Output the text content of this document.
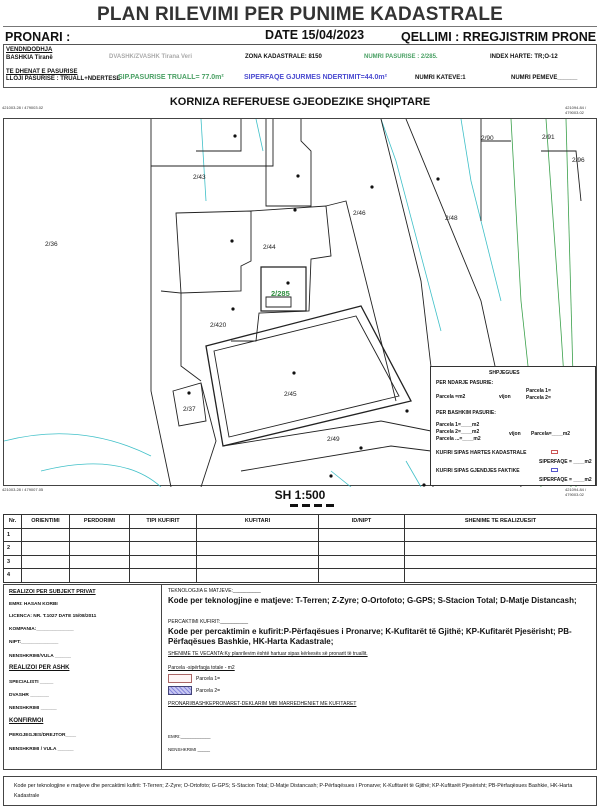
PLAN RILEVIMI PER PUNIME KADASTRALE
PRONARI :	DATE 15/04/2023	QELLIMI : RREGJISTRIM PRONE
VENDNDODHJA
BASHKIA Tiranë	DVASHK/ZVASHK Tirana Veri	ZONA KADASTRALE: 8150	NUMRI PASURISE : 2/285.	INDEX HARTE: TR;O-12
TE DHENAT E PASURISE
LLOJI PASURISE : TRUALL+NDERTESE
SIP.PASURISE TRUALL= 77.0m²	SIPERFAQE GJURMES NDERTIMIT=44.0m²	NUMRI KATEVE:1	NUMRI PEMEVE______
KORNIZA REFERUESE GJEODEZIKE SHQIPTARE
421003.28 / 479003.02	421094.84 / 479003.02
421003.28 / 479007.05	421094.84 / 479003.02
2/36
2/43
2/44
2/46
2/48
2/90	2/91
2/96
2/285
2/420
2/37
2/45
2/49
SHPJEGUES
PER NDARJE PASURIE:
Parcela =m2	vijon
Parcela 1=
Parcela 2=
PER BASHKIM PASURIE:
Parcela 1=____m2
Parcela 2=____m2
Parcela ...=____m2
vijon Parcela=____m2
KUFIRI SIPAS HARTES KADASTRALE
SIPERFAQE = ____m2
KUFIRI SIPAS GJENDJES FAKTIKE
SIPERFAQE = ____m2
SH 1:500
Nr.	ORIENTIMI	PERDORIMI	TIPI KUFIRIT	KUFITARI	ID/NIPT	SHENIME TE REALIZUESIT
1						
2						
3						
4						
REALIZOI PER SUBJEKT PRIVAT
EMRI: HASAN KORBI
LICENCA: NR. T.1027 DATE 15/08/2011
KOMPANIA:______________
NIPT:______________
NENSHKRIMI/VULA ______
REALIZOI PER ASHK
SPECIALISTI _____
DVASHR _______
NENSHKRIMI ______
KONFIRMOI
PERGJEGJES/DREJTOR____
NENSHKRIMI / VULA ______
TEKNOLOGJIA E MATJEVE:__________
Kode per teknologjine e matjeve: T-Terren; Z-Zyre; O-Ortofoto; G-GPS; S-Stacion Total; D-Matje Distancash;
PERCAKTIMI KUFIRIT:__________
Kode per percaktimin e kufirit:P-Përfaqësues i Pronarve; K-Kufitarët të Gjithë; KP-Kufitarët Pjesërisht; PB-Përfaqësues Bashkie, HK-Harta Kadastrale;
SHENIME TE VECANTA:Ky planrilevim është hartuar sipas kërkesës së pronarit të truallit.
Parcela -sipërfaqja totale - m2
Parcela 1=
Parcela 2=
PRONARI/BASHKEPRONARET-DEKLARIM MBI MARREDHENIET ME KUFITARET
EMRI:____________
NENSHKRIMI _____
Kode per teknologjine e matjeve dhe percaktimi kufirit: T-Terren; Z-Zyre; O-Ortofoto; G-GPS; S-Stacion Total; D-Matje Distancash; P-Përfaqësues i Pronarve; K-Kufitarët të Gjithë; KP-Kufitarët Pjesërisht; PB-Përfaqësues Bashkie, HK-Harta Kadastrale
